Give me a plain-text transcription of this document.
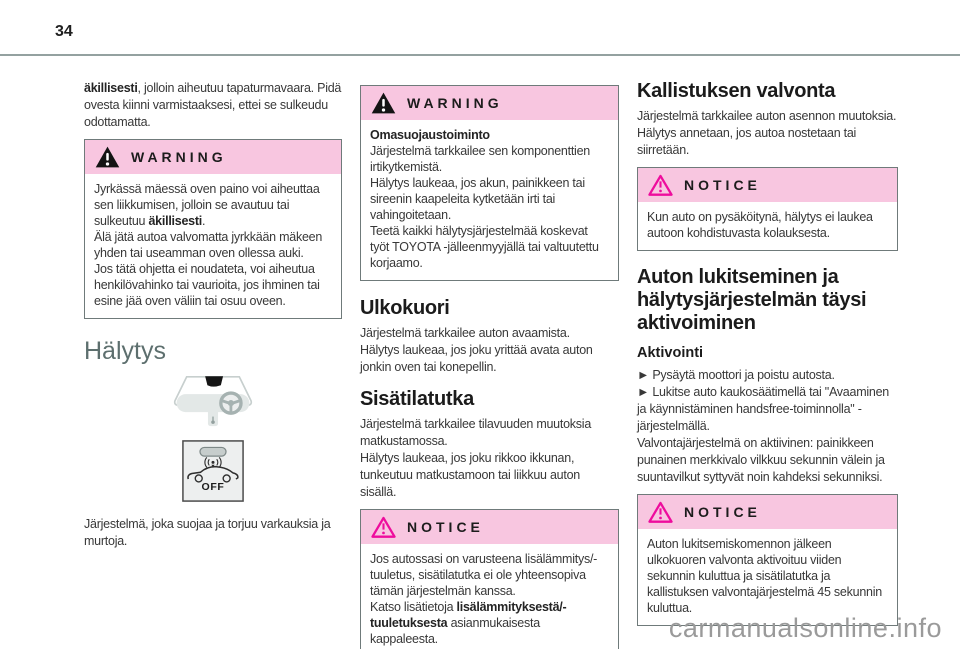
34

äkillisesti, jolloin aiheutuu tapaturmavaara. Pidä ovesta kiinni varmistaaksesi, ettei se sulkeudu odottamatta.

WARNING

Jyrkässä mäessä oven paino voi aiheuttaa sen liikkumisen, jolloin se avautuu tai sulkeutuu äkillisesti.

Älä jätä autoa valvomatta jyrkkään mäkeen yhden tai useamman oven ollessa auki.

Jos tätä ohjetta ei noudateta, voi aiheutua henkilövahinko tai vaurioita, jos ihminen tai esine jää oven väliin tai osuu oveen.

Hälytys
OFF

Järjestelmä, joka suojaa ja torjuu varkauksia ja murtoja.

WARNING

Omasuojaustoiminto

Järjestelmä tarkkailee sen komponenttien irtikytkemistä.

Hälytys laukeaa, jos akun, painikkeen tai sireenin kaapeleita kytketään irti tai vahingoitetaan.

Teetä kaikki hälytysjärjestelmää koskevat työt TOYOTA -jälleenmyyjällä tai valtuutettu korjaamo.

Ulkokuori

Järjestelmä tarkkailee auton avaamista.

Hälytys laukeaa, jos joku yrittää avata auton jonkin oven tai konepellin.

Sisätilatutka

Järjestelmä tarkkailee tilavuuden muutoksia matkustamossa.

Hälytys laukeaa, jos joku rikkoo ikkunan, tunkeutuu matkustamoon tai liikkuu auton sisällä.

NOTICE

Jos autossasi on varusteena lisälämmitys/-tuuletus, sisätilatutka ei ole yhteensopiva tämän järjestelmän kanssa.

Katso lisätietoja lisälämmityksestä/-tuuletuksesta asianmukaisesta kappaleesta.

Kallistuksen valvonta

Järjestelmä tarkkailee auton asennon muutoksia.

Hälytys annetaan, jos autoa nostetaan tai siirretään.

NOTICE

Kun auto on pysäköitynä, hälytys ei laukea autoon kohdistuvasta kolauksesta.

Auton lukitseminen ja hälytysjärjestelmän täysi aktivoiminen
Aktivointi

► Pysäytä moottori ja poistu autosta.

► Lukitse auto kaukosäätimellä tai "Avaaminen ja käynnistäminen handsfree-toiminnolla" -järjestelmällä.

Valvontajärjestelmä on aktiivinen: painikkeen punainen merkkivalo vilkkuu sekunnin välein ja suuntavilkut syttyvät noin kahdeksi sekunniksi.

NOTICE

Auton lukitsemiskomennon jälkeen ulkokuoren valvonta aktivoituu viiden sekunnin kuluttua ja sisätilatutka ja kallistuksen valvontajärjestelmä 45 sekunnin kuluttua.

carmanualsonline.info
